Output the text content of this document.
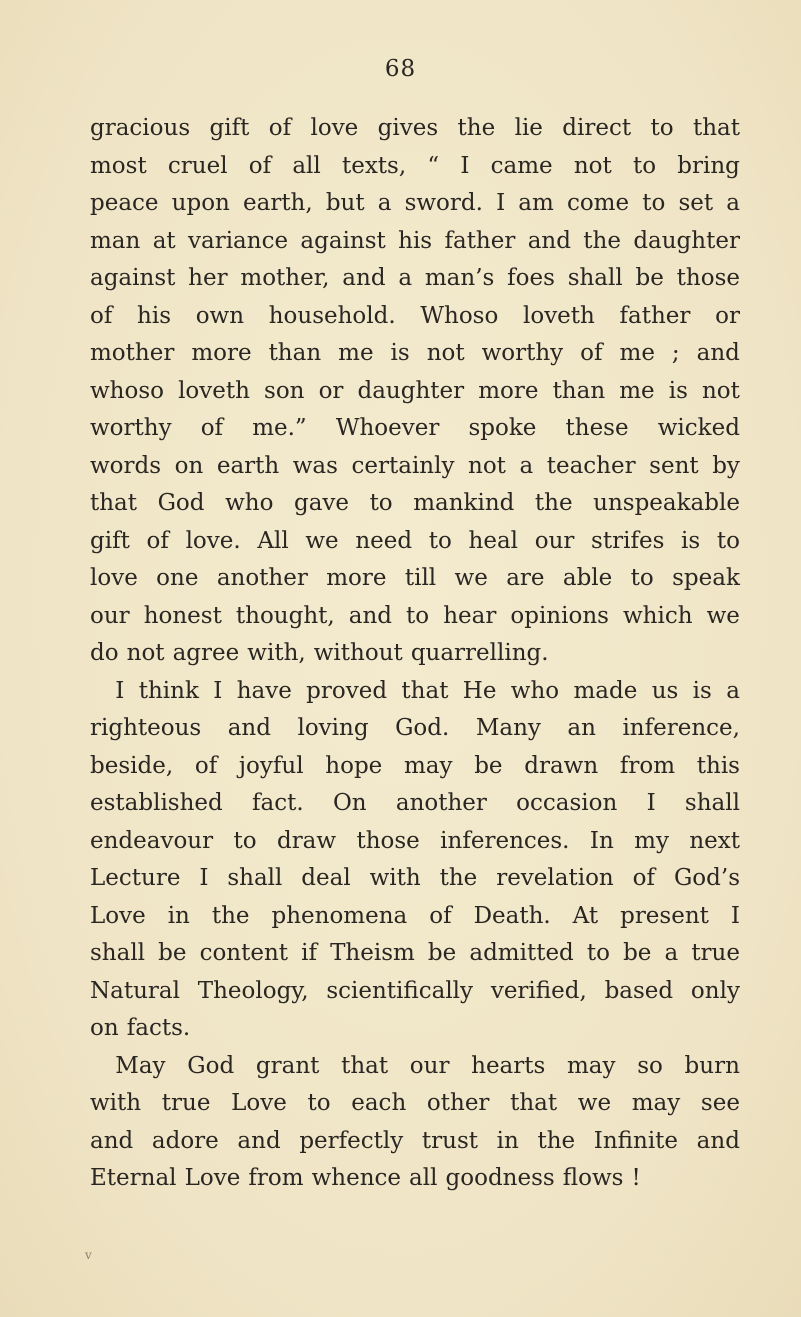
68
gracious gift of love gives the lie direct to that
most cruel of all texts, “ I came not to bring
peace upon earth, but a sword. I am come to set a
man at variance against his father and the daughter
against her mother, and a man’s foes shall be those
of his own household. Whoso loveth father or
mother more than me is not worthy of me ; and
whoso loveth son or daughter more than me is not
worthy of me.” Whoever spoke these wicked
words on earth was certainly not a teacher sent by
that God who gave to mankind the unspeakable
gift of love. All we need to heal our strifes is to
love one another more till we are able to speak
our honest thought, and to hear opinions which we
do not agree with, without quarrelling.
I think I have proved that He who made us is a
righteous and loving God. Many an inference,
beside, of joyful hope may be drawn from this
established fact. On another occasion I shall
endeavour to draw those inferences. In my next
Lecture I shall deal with the revelation of God’s
Love in the phenomena of Death. At present I
shall be content if Theism be admitted to be a true
Natural Theology, scientifically verified, based only
on facts.
May God grant that our hearts may so burn
with true Love to each other that we may see
and adore and perfectly trust in the Infinite and
Eternal Love from whence all goodness flows !
v
